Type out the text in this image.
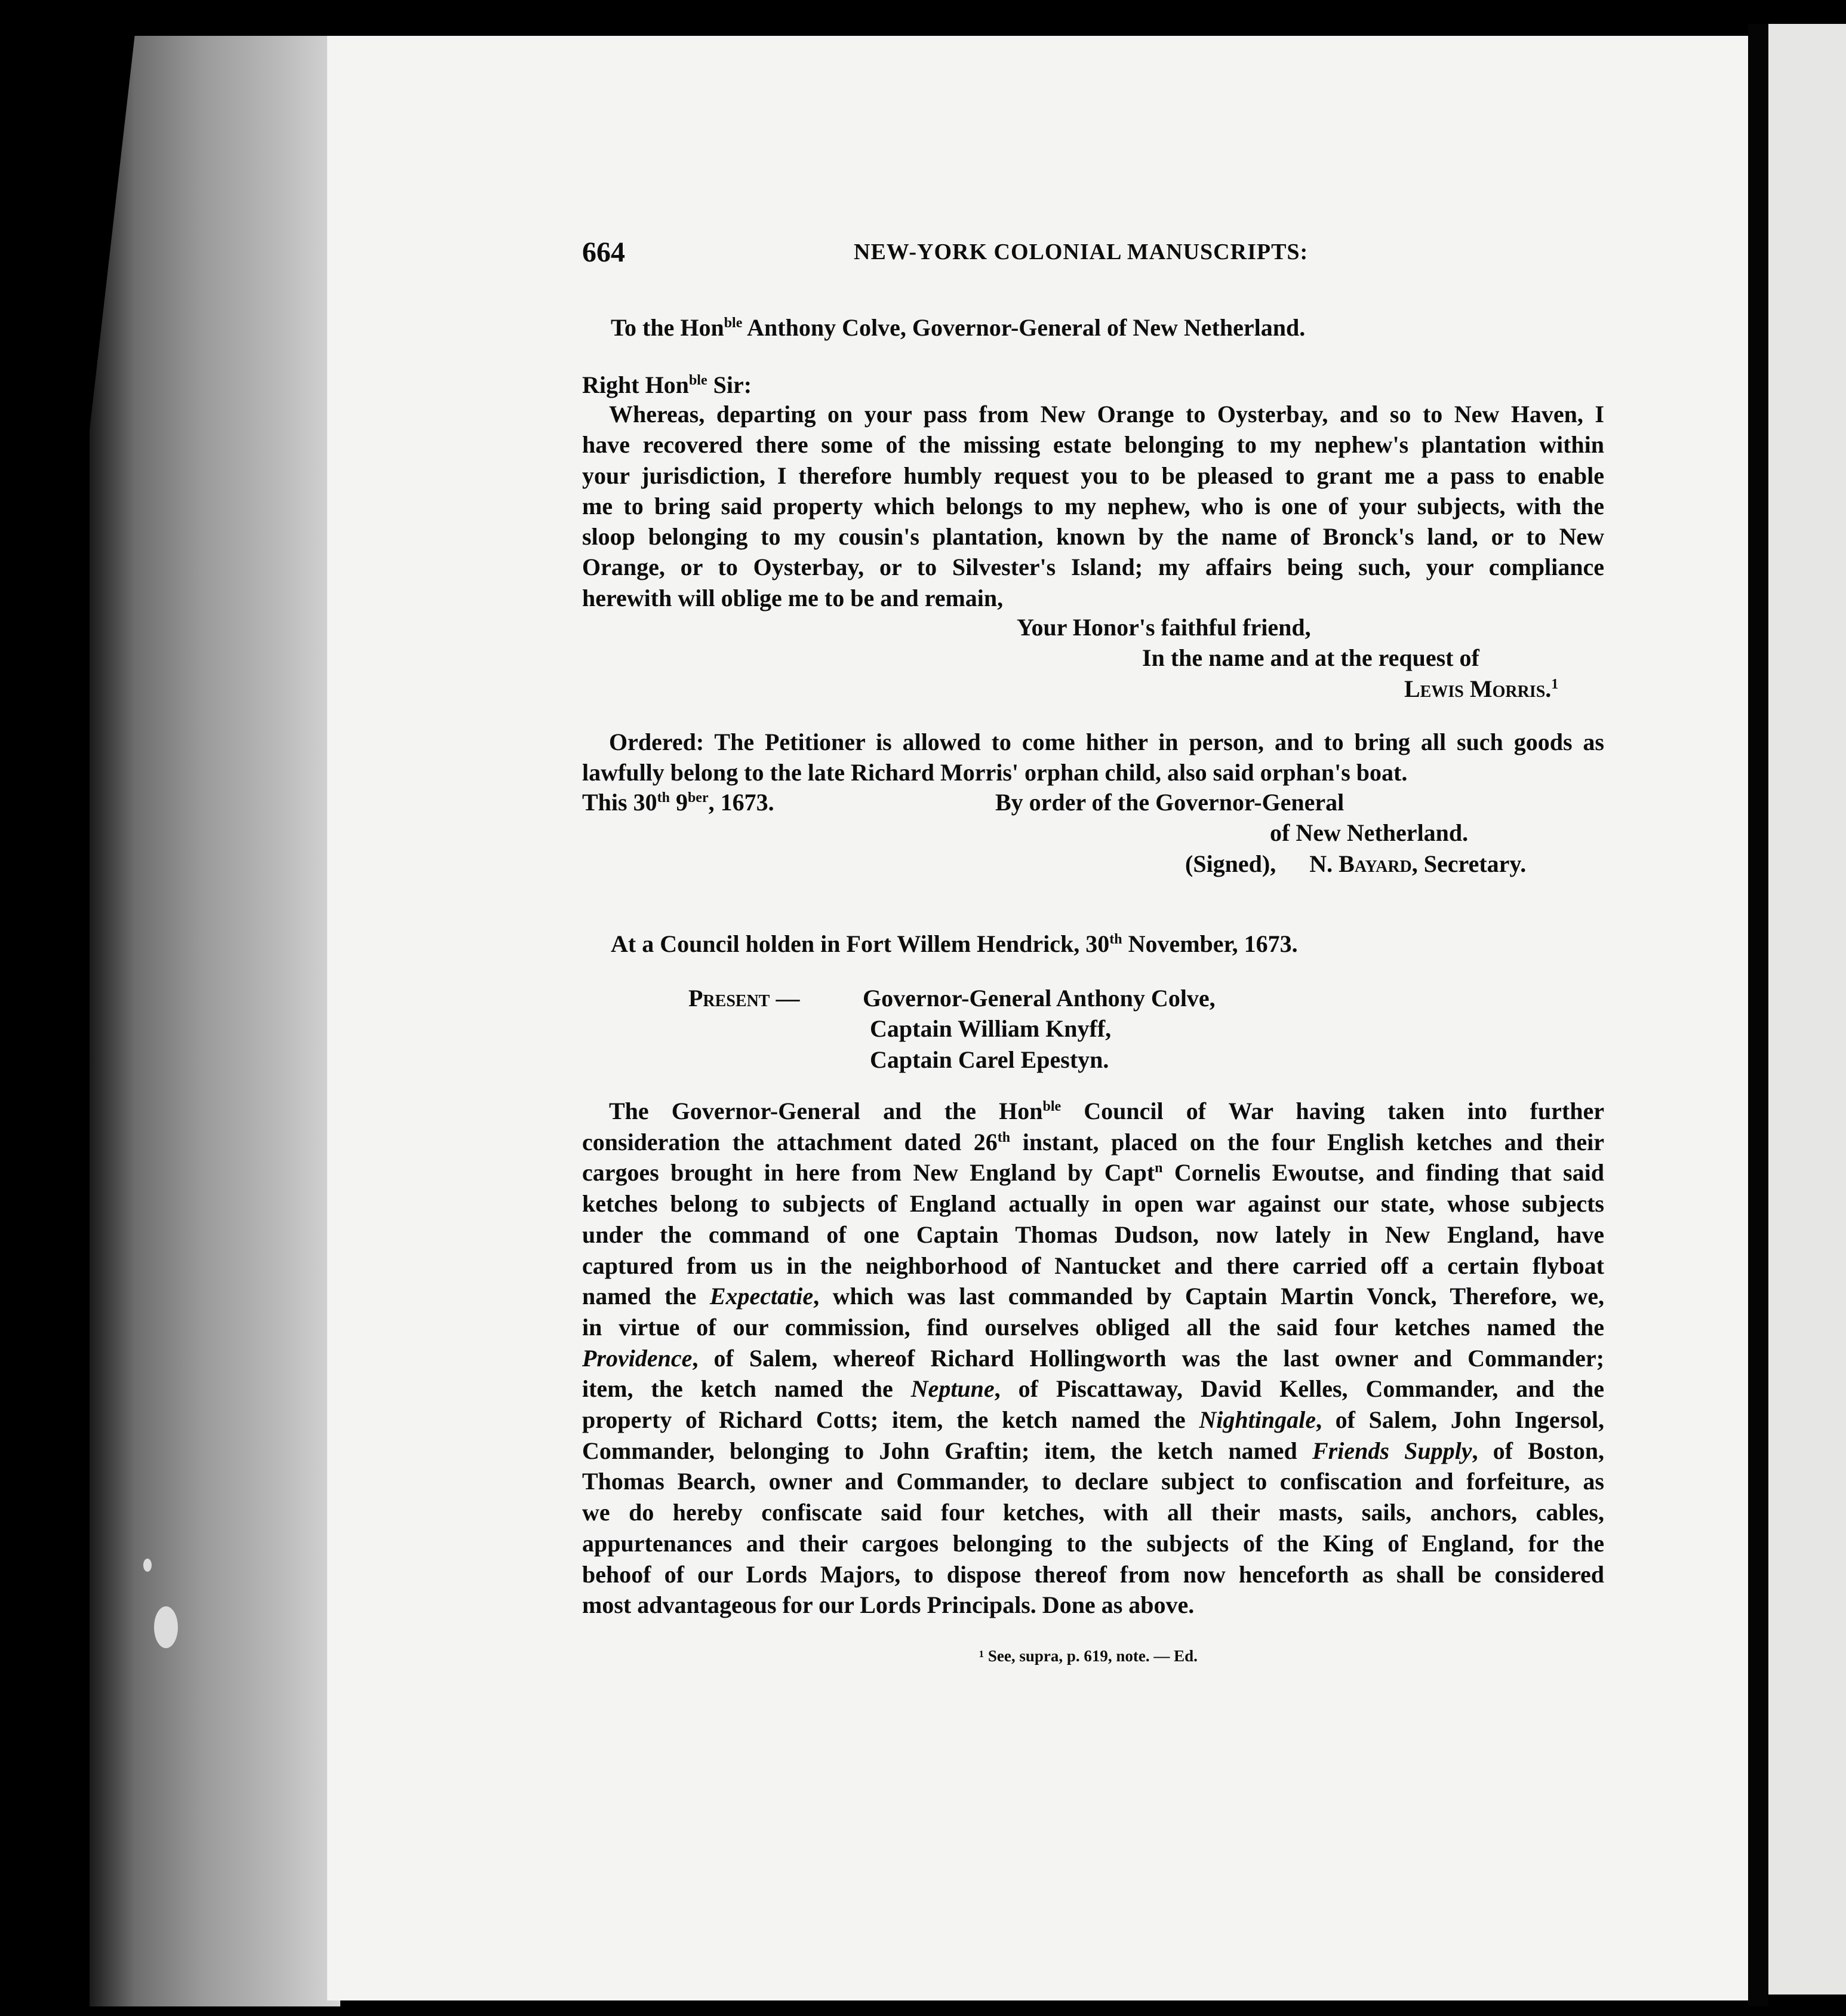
664	NEW-YORK COLONIAL MANUSCRIPTS:
To the Hon$^{ble}$ Anthony Colve, Governor-General of New Netherland.
Right Hon$^{ble}$ Sir:
Whereas, departing on your pass from New Orange to Oysterbay, and so to New Haven, I
have recovered there some of the missing estate belonging to my nephew's plantation within
your jurisdiction, I therefore humbly request you to be pleased to grant me a pass to enable
me to bring said property which belongs to my nephew, who is one of your subjects, with the
sloop belonging to my cousin's plantation, known by the name of Bronck's land, or to New
Orange, or to Oysterbay, or to Silvester's Island; my affairs being such, your compliance
herewith will oblige me to be and remain,
Your Honor's faithful friend,
In the name and at the request of
Lewis Morris.$^1$
Ordered: The Petitioner is allowed to come hither in person, and to bring all such goods as
lawfully belong to the late Richard Morris' orphan child, also said orphan's boat.
This 30th $9^{ber}$, 1673.	By order of the Governor-General
of New Netherland.
(Signed), N. Bayard, Secretary.
At a Council holden in Fort Willem Hendrick, 30th November, 1673.
Present —	Governor-General Anthony Colve,
Captain William Knyff,
Captain Carel Epestyn.
The Governor-General and the Hon$^{ble}$ Council of War having taken into further
consideration the attachment dated 26th instant, placed on the four English ketches and their
cargoes brought in here from New England by Capt$^n$ Cornelis Ewoutse, and finding that said
ketches belong to subjects of England actually in open war against our state, whose subjects
under the command of one Captain Thomas Dudson, now lately in New England, have
captured from us in the neighborhood of Nantucket and there carried off a certain flyboat
named the Expectatie, which was last commanded by Captain Martin Vonck, Therefore, we,
in virtue of our commission, find ourselves obliged all the said four ketches named the
Providence, of Salem, whereof Richard Hollingworth was the last owner and Commander;
item, the ketch named the Neptune, of Piscattaway, David Kelles, Commander, and the
property of Richard Cotts; item, the ketch named the Nightingale, of Salem, John Ingersol,
Commander, belonging to John Graftin; item, the ketch named Friends Supply, of Boston,
Thomas Bearch, owner and Commander, to declare subject to confiscation and forfeiture, as
we do hereby confiscate said four ketches, with all their masts, sails, anchors, cables,
appurtenances and their cargoes belonging to the subjects of the King of England, for the
behoof of our Lords Majors, to dispose thereof from now henceforth as shall be considered
most advantageous for our Lords Principals. Done as above.
¹ See, supra, p. 619, note. — Ed.
